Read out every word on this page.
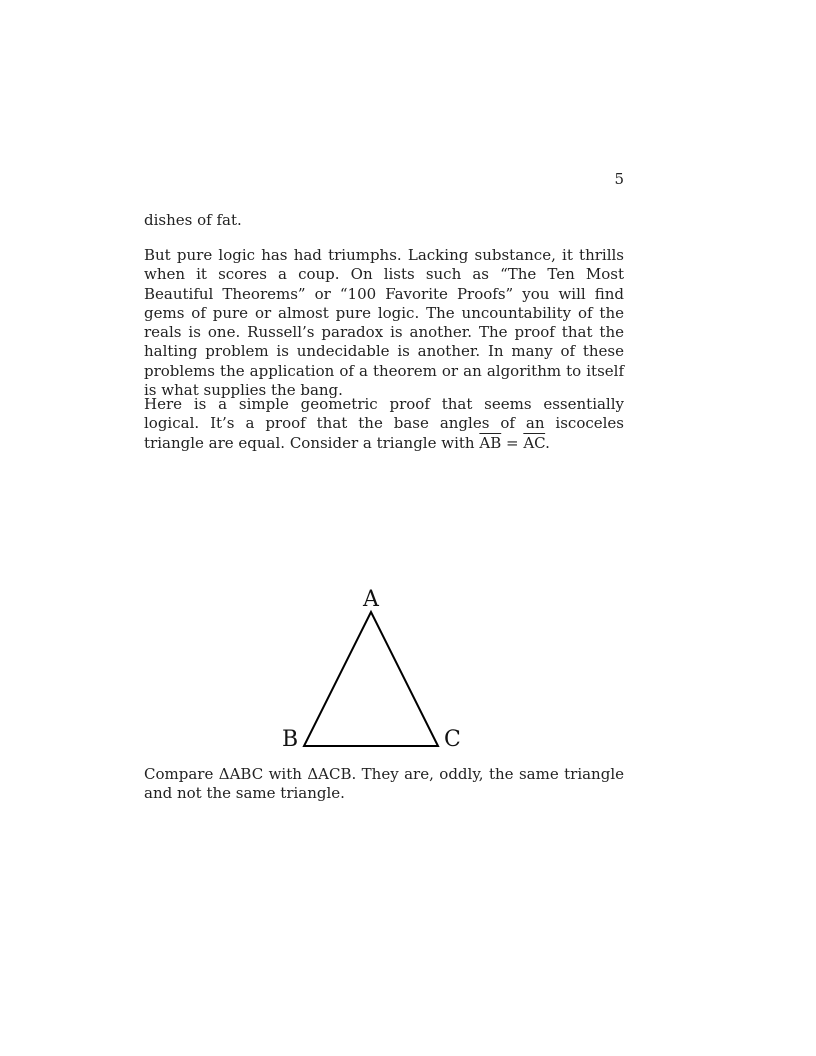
5

dishes of fat.

But pure logic has had triumphs. Lacking substance, it thrills when it scores a coup. On lists such as “The Ten Most Beautiful Theorems” or “100 Favorite Proofs” you will find gems of pure or almost pure logic. The uncountability of the reals is one. Russell’s paradox is another. The proof that the halting problem is undecidable is another. In many of these problems the application of a theorem or an algorithm to itself is what supplies the bang.

Here is a simple geometric proof that seems essentially logical. It’s a proof that the base angles of an iscoceles triangle are equal. Consider a triangle with $\overline{AB} = \overline{AC}$.

A
B	C

Compare ΔABC with ΔACB. They are, oddly, the same triangle and not the same triangle.
